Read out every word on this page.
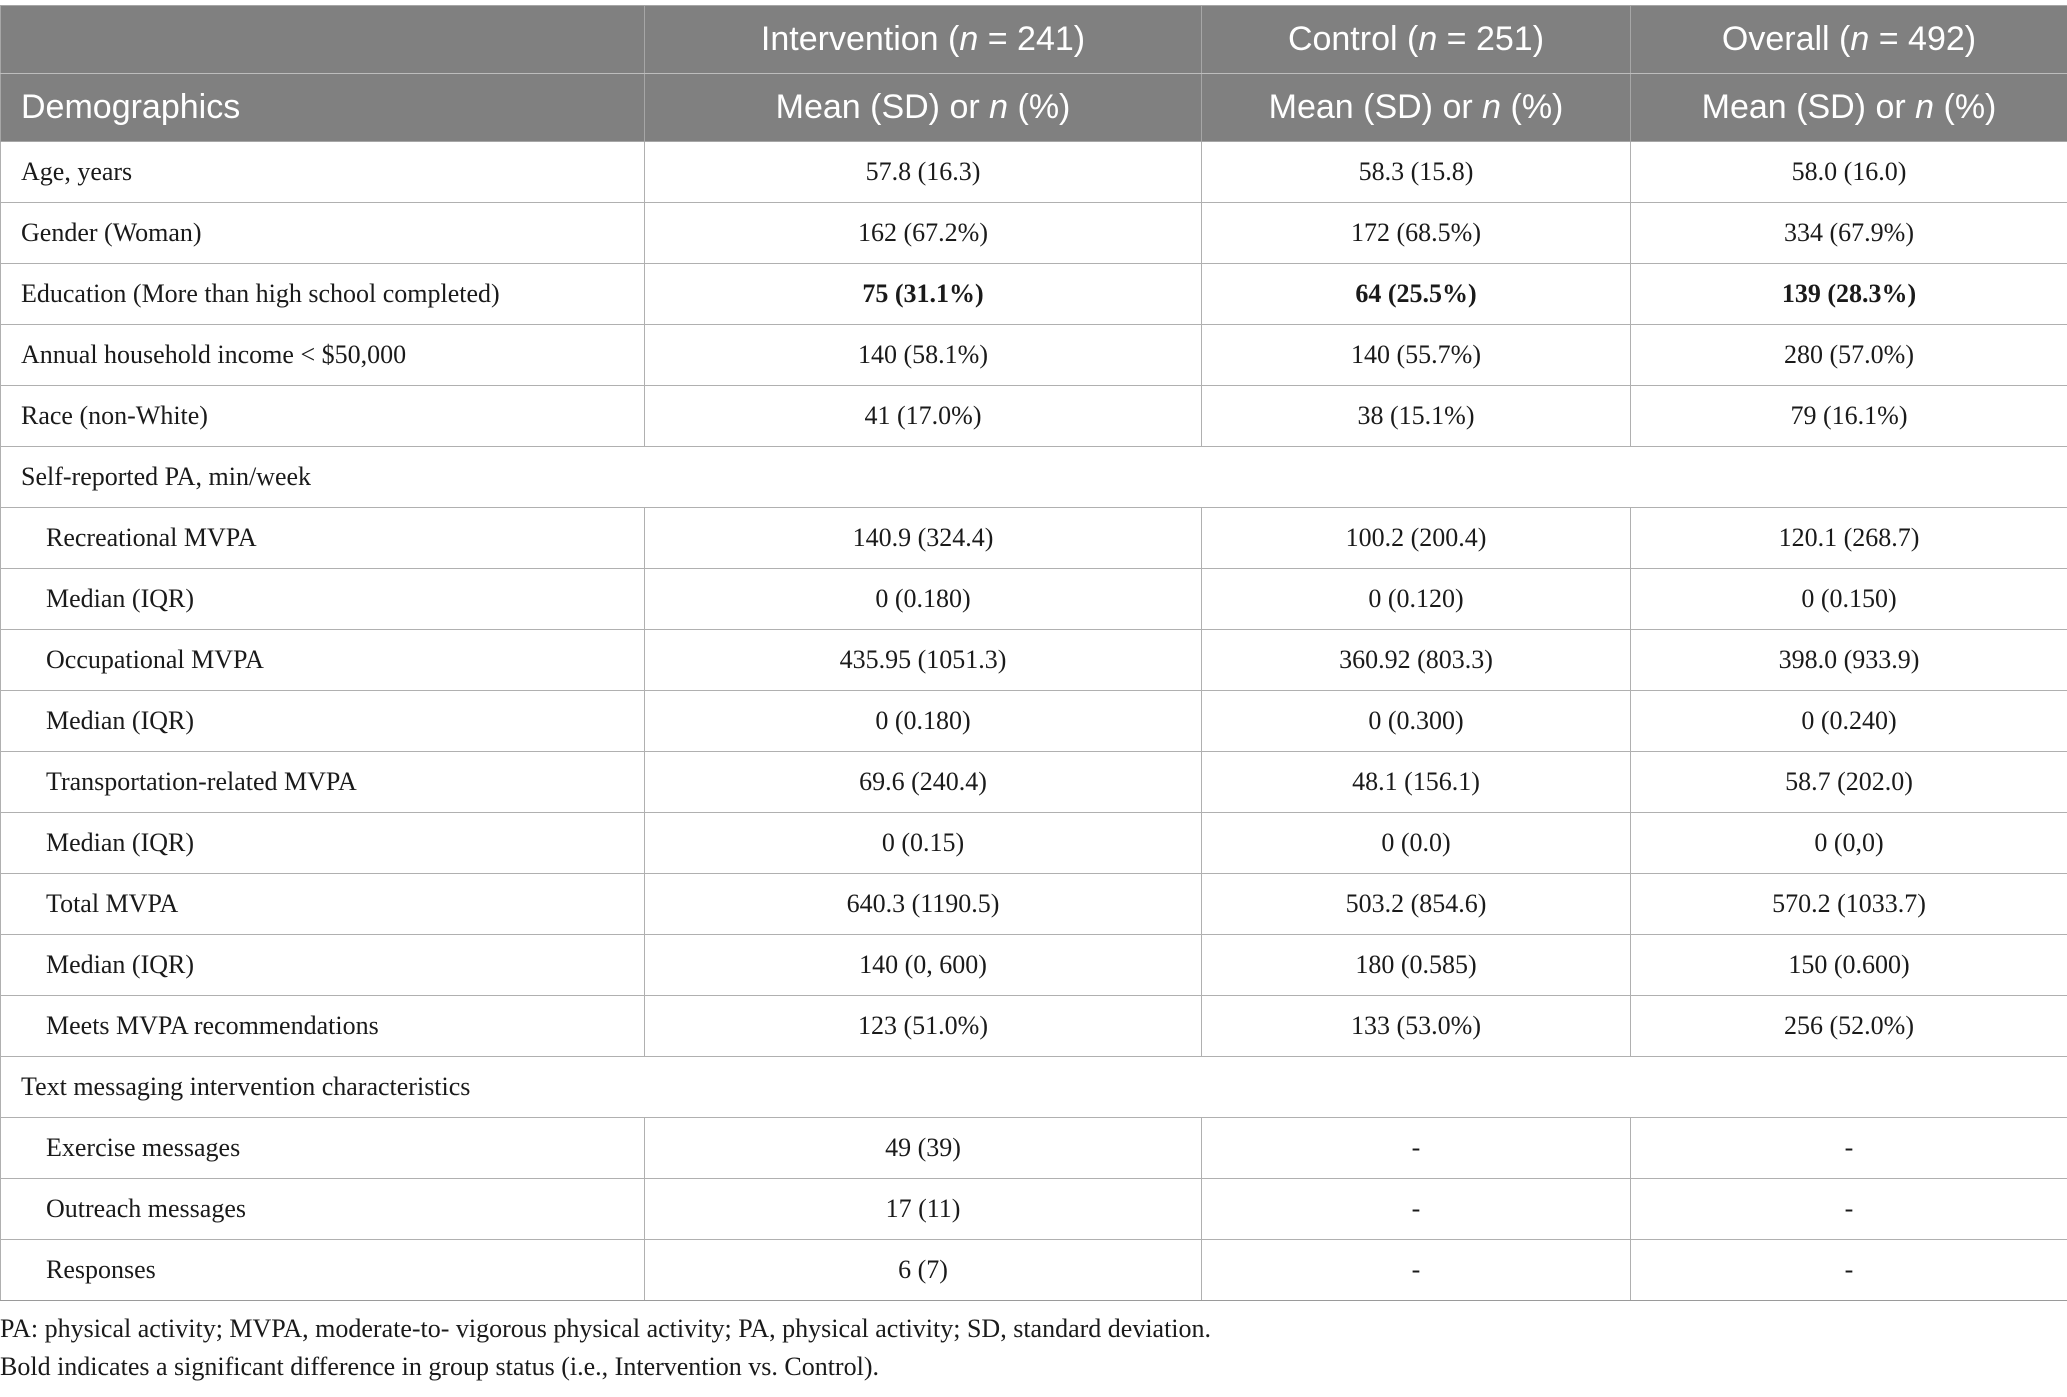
	Intervention (n = 241)	Control (n = 251)	Overall (n = 492)
Demographics	Mean (SD) or n (%)	Mean (SD) or n (%)	Mean (SD) or n (%)
Age, years	57.8 (16.3)	58.3 (15.8)	58.0 (16.0)
Gender (Woman)	162 (67.2%)	172 (68.5%)	334 (67.9%)
Education (More than high school completed)	75 (31.1%)	64 (25.5%)	139 (28.3%)
Annual household income < $50,000	140 (58.1%)	140 (55.7%)	280 (57.0%)
Race (non-White)	41 (17.0%)	38 (15.1%)	79 (16.1%)
Self-reported PA, min/week			
Recreational MVPA	140.9 (324.4)	100.2 (200.4)	120.1 (268.7)
Median (IQR)	0 (0.180)	0 (0.120)	0 (0.150)
Occupational MVPA	435.95 (1051.3)	360.92 (803.3)	398.0 (933.9)
Median (IQR)	0 (0.180)	0 (0.300)	0 (0.240)
Transportation-related MVPA	69.6 (240.4)	48.1 (156.1)	58.7 (202.0)
Median (IQR)	0 (0.15)	0 (0.0)	0 (0,0)
Total MVPA	640.3 (1190.5)	503.2 (854.6)	570.2 (1033.7)
Median (IQR)	140 (0, 600)	180 (0.585)	150 (0.600)
Meets MVPA recommendations	123 (51.0%)	133 (53.0%)	256 (52.0%)
Text messaging intervention characteristics			
Exercise messages	49 (39)	-	-
Outreach messages	17 (11)	-	-
Responses	6 (7)	-	-
PA: physical activity; MVPA, moderate-to- vigorous physical activity; PA, physical activity; SD, standard deviation.
Bold indicates a significant difference in group status (i.e., Intervention vs. Control).
